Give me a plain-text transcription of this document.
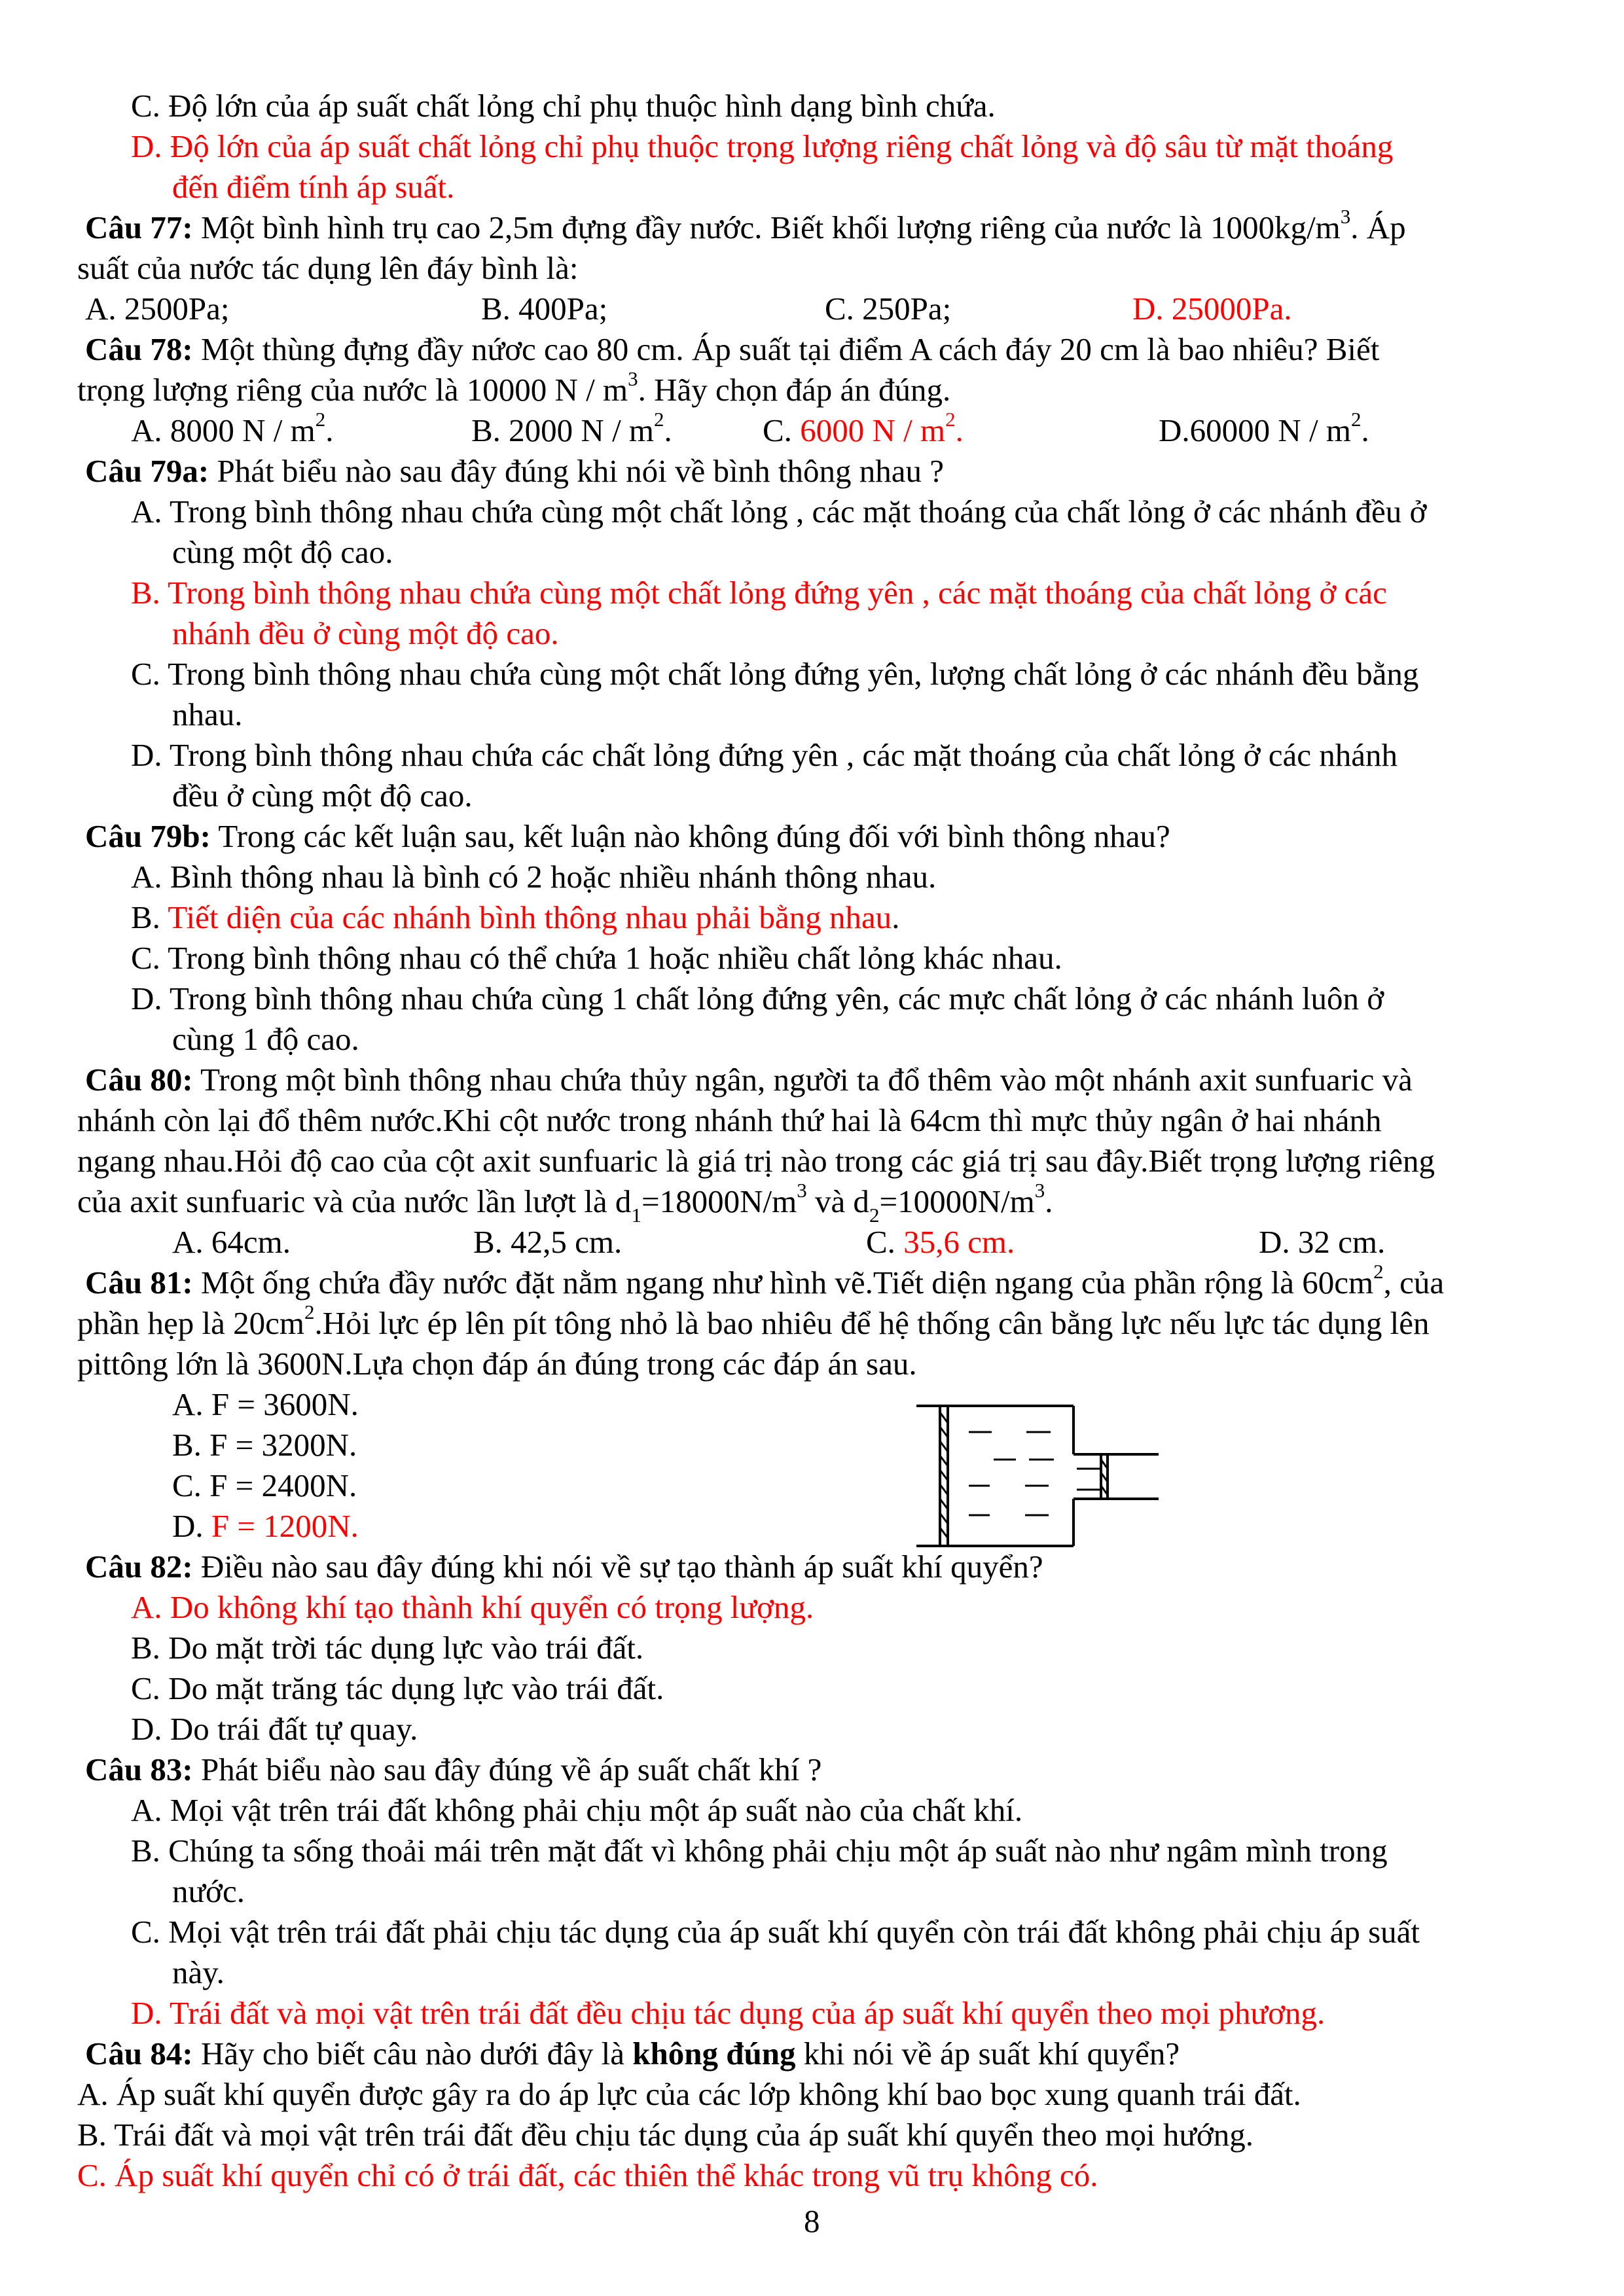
C. Độ lớn của áp suất chất lỏng chỉ phụ thuộc hình dạng bình chứa.
D. Độ lớn của áp suất chất lỏng chỉ phụ thuộc trọng lượng riêng chất lỏng và độ sâu từ mặt thoáng
đến điểm tính áp suất.
Câu 77: Một bình hình trụ cao 2,5m đựng đầy nước. Biết khối lượng riêng của nước là $1000kg/m^3$. Áp
suất của nước tác dụng lên đáy bình là:
A. 2500Pa;	B. 400Pa;	C. 250Pa;	D. 25000Pa.
Câu 78: Một thùng đựng đầy nứơc cao 80 cm. Áp suất tại điểm A cách đáy 20 cm là bao nhiêu? Biết
trọng lượng riêng của nước là 10000 N / $m^3$. Hãy chọn đáp án đúng.
A. 8000 N / $m^2$.	B. 2000 N / $m^2$.	C. 6000 N / $m^2$.	D.60000 N / $m^2$.
Câu 79a: Phát biểu nào sau đây đúng khi nói về bình thông nhau ?
A. Trong bình thông nhau chứa cùng một chất lỏng , các mặt thoáng của chất lỏng ở các nhánh đều ở
cùng một độ cao.
B. Trong bình thông nhau chứa cùng một chất lỏng đứng yên , các mặt thoáng của chất lỏng ở các
nhánh đều ở cùng một độ cao.
C. Trong bình thông nhau chứa cùng một chất lỏng đứng yên, lượng chất lỏng ở các nhánh đều bằng
nhau.
D. Trong bình thông nhau chứa các chất lỏng đứng yên , các mặt thoáng của chất lỏng ở các nhánh
đều ở cùng một độ cao.
Câu 79b: Trong các kết luận sau, kết luận nào không đúng đối với bình thông nhau?
A. Bình thông nhau là bình có 2 hoặc nhiều nhánh thông nhau.
B. Tiết diện của các nhánh bình thông nhau phải bằng nhau.
C. Trong bình thông nhau có thể chứa 1 hoặc nhiều chất lỏng khác nhau.
D. Trong bình thông nhau chứa cùng 1 chất lỏng đứng yên, các mực chất lỏng ở các nhánh luôn ở
cùng 1 độ cao.
Câu 80: Trong một bình thông nhau chứa thủy ngân, người ta đổ thêm vào một nhánh axit sunfuaric và
nhánh còn lại đổ thêm nước.Khi cột nước trong nhánh thứ hai là 64cm thì mực thủy ngân ở hai nhánh
ngang nhau.Hỏi độ cao của cột axit sunfuaric là giá trị nào trong các giá trị sau đây.Biết trọng lượng riêng
của axit sunfuaric và của nước lần lượt là $d_1=18000N/m^3$ và $d_2=10000N/m^3$.
A. 64cm.	B. 42,5 cm.	C. 35,6 cm.	D. 32 cm.
Câu 81: Một ống chứa đầy nước đặt nằm ngang như hình vẽ.Tiết diện ngang của phần rộng là $60cm^2$, của
phần hẹp là $20cm^2.Hỏi$ lực ép lên pít tông nhỏ là bao nhiêu để hệ thống cân bằng lực nếu lực tác dụng lên
pittông lớn là 3600N.Lựa chọn đáp án đúng trong các đáp án sau.
A. F = 3600N.
B. F = 3200N.
C. F = 2400N.
D. F = 1200N.
Câu 82: Điều nào sau đây đúng khi nói về sự tạo thành áp suất khí quyển?
A. Do không khí tạo thành khí quyển có trọng lượng.
B. Do mặt trời tác dụng lực vào trái đất.
C. Do mặt trăng tác dụng lực vào trái đất.
D. Do trái đất tự quay.
Câu 83: Phát biểu nào sau đây đúng về áp suất chất khí ?
A. Mọi vật trên trái đất không phải chịu một áp suất nào của chất khí.
B. Chúng ta sống thoải mái trên mặt đất vì không phải chịu một áp suất nào như ngâm mình trong
nước.
C. Mọi vật trên trái đất phải chịu tác dụng của áp suất khí quyển còn trái đất không phải chịu áp suất
này.
D. Trái đất và mọi vật trên trái đất đều chịu tác dụng của áp suất khí quyển theo mọi phương.
Câu 84: Hãy cho biết câu nào dưới đây là không đúng khi nói về áp suất khí quyển?
A. Áp suất khí quyển được gây ra do áp lực của các lớp không khí bao bọc xung quanh trái đất.
B. Trái đất và mọi vật trên trái đất đều chịu tác dụng của áp suất khí quyển theo mọi hướng.
C. Áp suất khí quyển chỉ có ở trái đất, các thiên thể khác trong vũ trụ không có.
8
